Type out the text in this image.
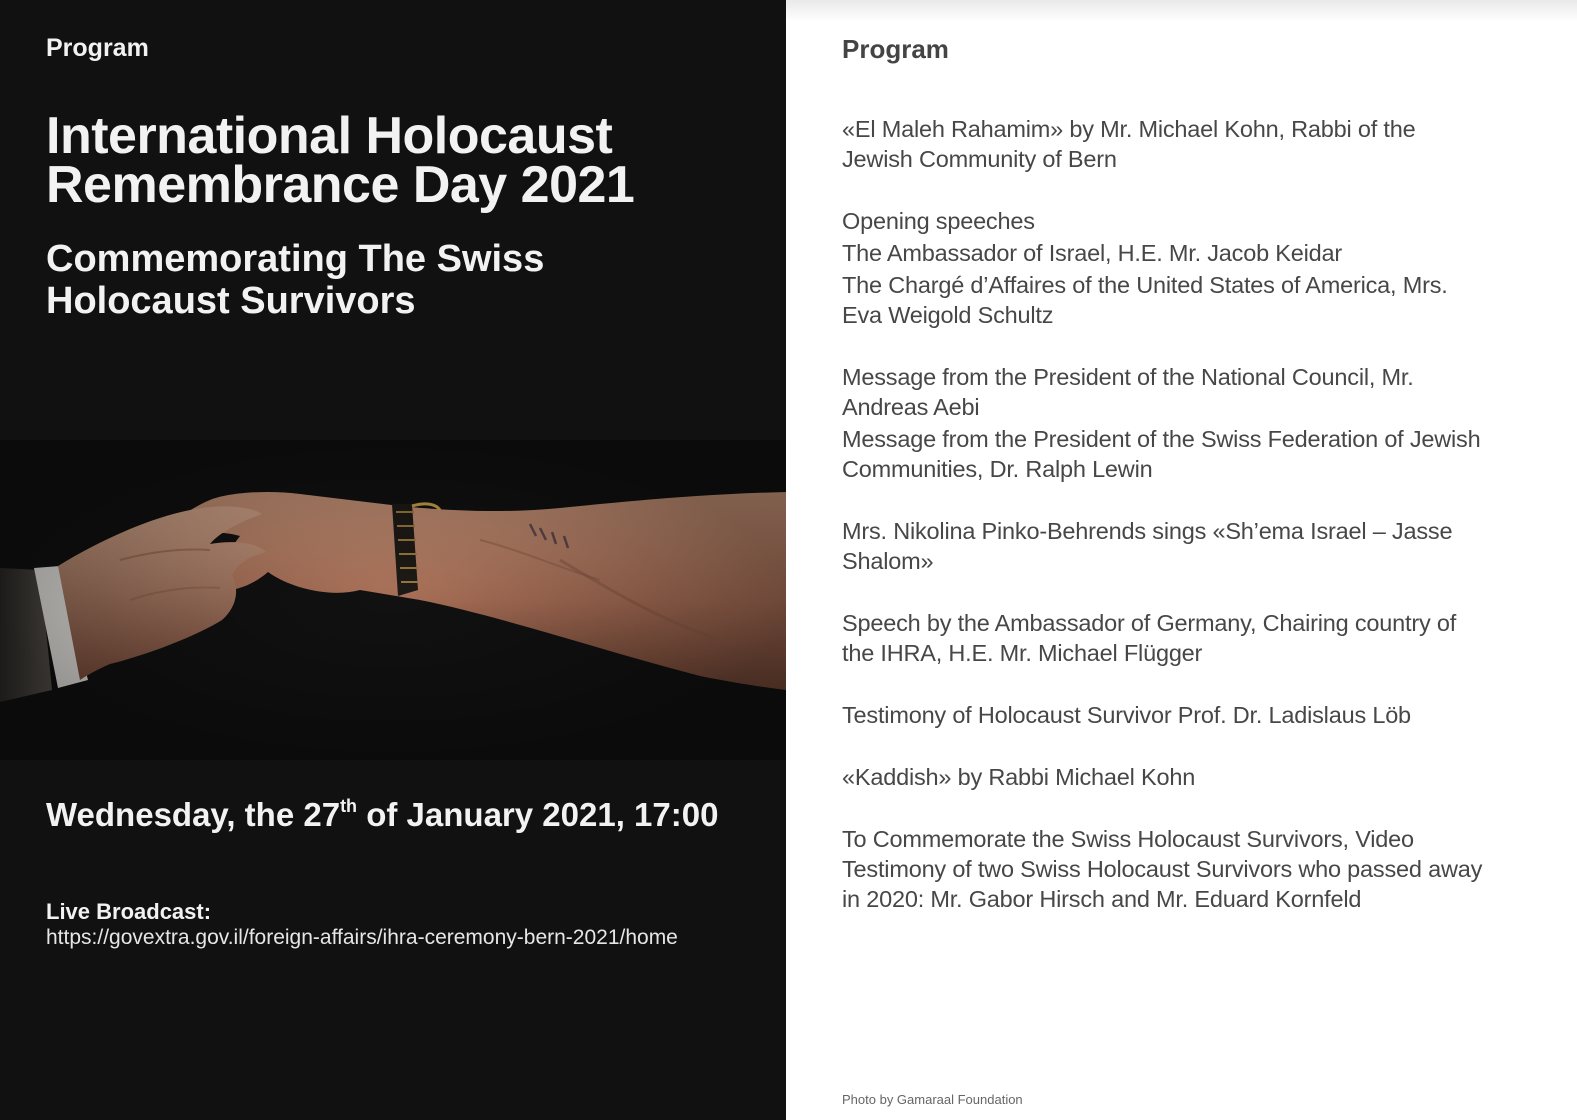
Program
International Holocaust
Remembrance Day 2021
Commemorating The Swiss
Holocaust Survivors
Wednesday, the 27th of January 2021, 17:00
Live Broadcast:
https://govextra.gov.il/foreign-affairs/ihra-ceremony-bern-2021/home
Program

«El Maleh Rahamim» by Mr. Michael Kohn, Rabbi of the Jewish Community of Bern

Opening speeches

The Ambassador of Israel, H.E. Mr. Jacob Keidar

The Chargé d’Affaires of the United States of America, Mrs. Eva Weigold Schultz

Message from the President of the National Council, Mr. Andreas Aebi

Message from the President of the Swiss Federation of Jewish Communities, Dr. Ralph Lewin

Mrs. Nikolina Pinko-Behrends sings «Sh’ema Israel – Jasse Shalom»

Speech by the Ambassador of Germany, Chairing country of the IHRA, H.E. Mr. Michael Flügger

Testimony of Holocaust Survivor Prof. Dr. Ladislaus Löb

«Kaddish» by Rabbi Michael Kohn

To Commemorate the Swiss Holocaust Survivors, Video Testimony of two Swiss Holocaust Survivors who passed away in 2020: Mr. Gabor Hirsch and Mr. Eduard Kornfeld

Photo by Gamaraal Foundation
